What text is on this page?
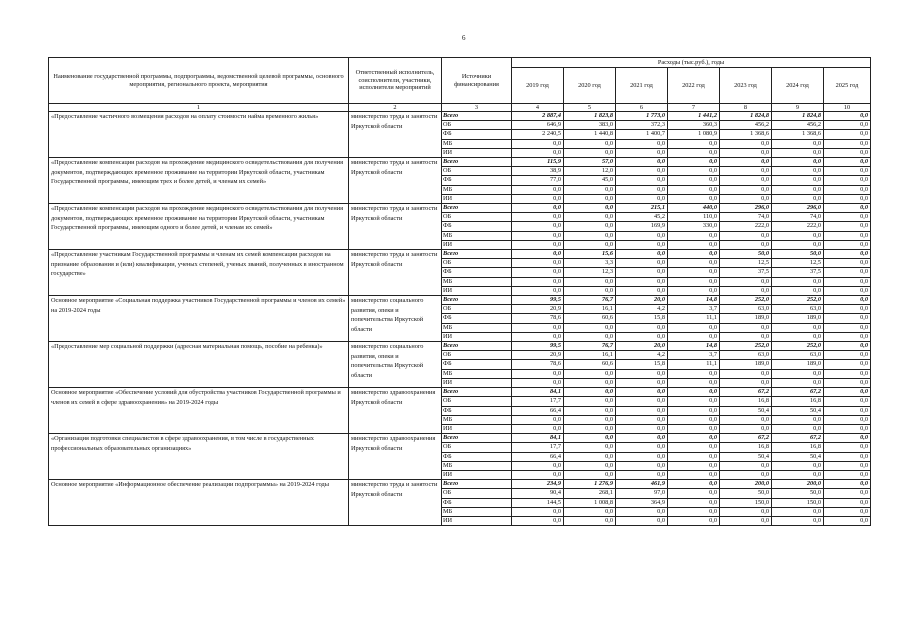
6
Наименование государственной программы, подпрограммы, ведомственной целевой программы, основного мероприятия, регионального проекта, мероприятия	Ответственный исполнитель, соисполнители, участники, исполнители мероприятий	Источники финансирования	Расходы (тыс.руб.), годы						
			2019 год	2020 год	2021 год	2022 год	2023 год	2024 год	2025 год
1	2	3	4	5	6	7	8	9	10
«Предоставление частичного возмещения расходов на оплату стоимости найма временного жилья»	министерство труда и занятости Иркутской области	Всего	2 887,4	1 823,8	1 773,0	1 441,2	1 824,8	1 824,8	0,0
		ОБ	646,9	383,0	372,3	360,3	456,2	456,2	0,0
		ФБ	2 240,5	1 440,8	1 400,7	1 080,9	1 368,6	1 368,6	0,0
		МБ	0,0	0,0	0,0	0,0	0,0	0,0	0,0
		ИИ	0,0	0,0	0,0	0,0	0,0	0,0	0,0
«Предоставление компенсации расходов на прохождение медицинского освидетельствования для получения документов, подтверждающих временное проживание на территории Иркутской области, участникам Государственной программы, имеющим трех и более детей, и членам их семей»	министерство труда и занятости Иркутской области	Всего	115,9	57,0	0,0	0,0	0,0	0,0	0,0
		ОБ	38,9	12,0	0,0	0,0	0,0	0,0	0,0
		ФБ	77,0	45,0	0,0	0,0	0,0	0,0	0,0
		МБ	0,0	0,0	0,0	0,0	0,0	0,0	0,0
		ИИ	0,0	0,0	0,0	0,0	0,0	0,0	0,0
«Предоставление компенсации расходов на прохождение медицинского освидетельствования для получения документов, подтверждающих временное проживание на территории Иркутской области, участникам Государственной программы, имеющим одного и более детей, и членам их семей»	министерство труда и занятости Иркутской области	Всего	0,0	0,0	215,1	440,0	296,0	296,0	0,0
		ОБ	0,0	0,0	45,2	110,0	74,0	74,0	0,0
		ФБ	0,0	0,0	169,9	330,0	222,0	222,0	0,0
		МБ	0,0	0,0	0,0	0,0	0,0	0,0	0,0
		ИИ	0,0	0,0	0,0	0,0	0,0	0,0	0,0
«Предоставление участникам Государственной программы и членам их семей компенсации расходов на признание образования и (или) квалификации, ученых степеней, ученых званий, полученных в иностранном государстве»	министерство труда и занятости Иркутской области	Всего	0,0	15,6	0,0	0,0	50,0	50,0	0,0
		ОБ	0,0	3,3	0,0	0,0	12,5	12,5	0,0
		ФБ	0,0	12,3	0,0	0,0	37,5	37,5	0,0
		МБ	0,0	0,0	0,0	0,0	0,0	0,0	0,0
		ИИ	0,0	0,0	0,0	0,0	0,0	0,0	0,0
Основное мероприятие «Социальная поддержка участников Государственной программы и членов их семей» на 2019-2024 годы	министерство социального развития, опеки и попечительства Иркутской области	Всего	99,5	76,7	20,0	14,8	252,0	252,0	0,0
		ОБ	20,9	16,1	4,2	3,7	63,0	63,0	0,0
		ФБ	78,6	60,6	15,8	11,1	189,0	189,0	0,0
		МБ	0,0	0,0	0,0	0,0	0,0	0,0	0,0
		ИИ	0,0	0,0	0,0	0,0	0,0	0,0	0,0
«Предоставление мер социальной поддержки (адресная материальная помощь, пособие на ребенка)»	министерство социального развития, опеки и попечительства Иркутской области	Всего	99,5	76,7	20,0	14,8	252,0	252,0	0,0
		ОБ	20,9	16,1	4,2	3,7	63,0	63,0	0,0
		ФБ	78,6	60,6	15,8	11,1	189,0	189,0	0,0
		МБ	0,0	0,0	0,0	0,0	0,0	0,0	0,0
		ИИ	0,0	0,0	0,0	0,0	0,0	0,0	0,0
Основное мероприятие «Обеспечение условий для обустройства участников Государственной программы и членов их семей в сфере здравоохранения» на 2019-2024 годы	министерство здравоохранения Иркутской области	Всего	84,1	0,0	0,0	0,0	67,2	67,2	0,0
		ОБ	17,7	0,0	0,0	0,0	16,8	16,8	0,0
		ФБ	66,4	0,0	0,0	0,0	50,4	50,4	0,0
		МБ	0,0	0,0	0,0	0,0	0,0	0,0	0,0
		ИИ	0,0	0,0	0,0	0,0	0,0	0,0	0,0
«Организация подготовки специалистов в сфере здравоохранения, в том числе в государственных профессиональных образовательных организациях»	министерство здравоохранения Иркутской области	Всего	84,1	0,0	0,0	0,0	67,2	67,2	0,0
		ОБ	17,7	0,0	0,0	0,0	16,8	16,8	0,0
		ФБ	66,4	0,0	0,0	0,0	50,4	50,4	0,0
		МБ	0,0	0,0	0,0	0,0	0,0	0,0	0,0
		ИИ	0,0	0,0	0,0	0,0	0,0	0,0	0,0
Основное мероприятие «Информационное обеспечение реализации подпрограммы» на 2019-2024 годы	министерство труда и занятости Иркутской области	Всего	234,9	1 276,9	461,9	0,0	200,0	200,0	0,0
		ОБ	90,4	268,1	97,0	0,0	50,0	50,0	0,0
		ФБ	144,5	1 008,8	364,9	0,0	150,0	150,0	0,0
		МБ	0,0	0,0	0,0	0,0	0,0	0,0	0,0
		ИИ	0,0	0,0	0,0	0,0	0,0	0,0	0,0
